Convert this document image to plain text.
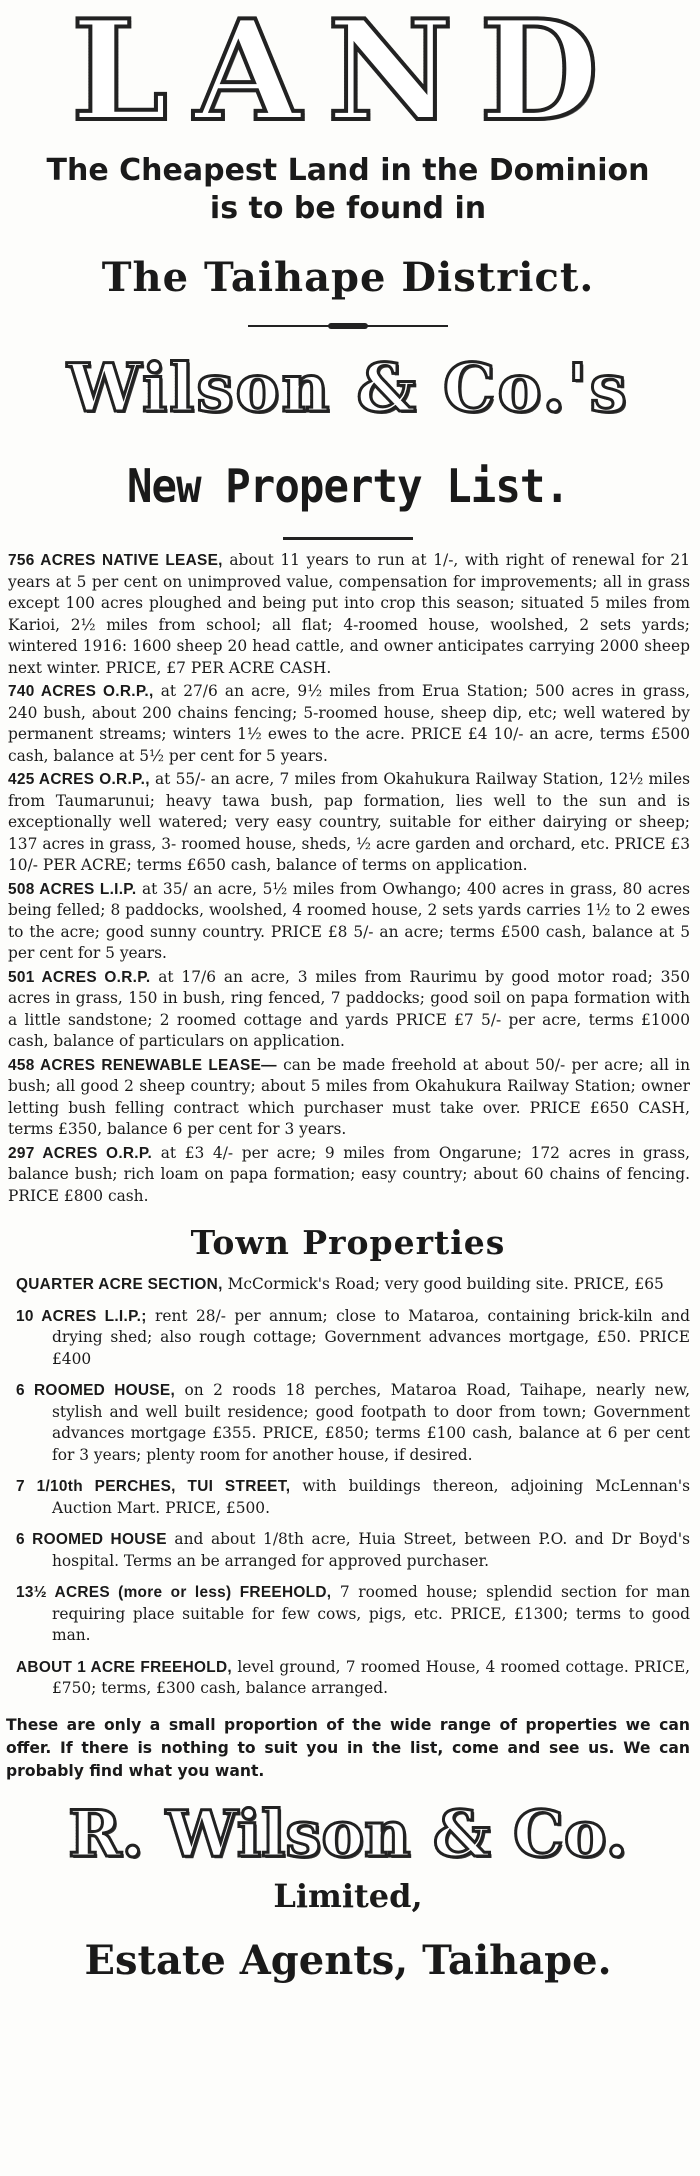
LAND
The Cheapest Land in the Dominion
is to be found in
The Taihape District.
Wilson & Co.'s
New Property List.

756 ACRES NATIVE LEASE, about 11 years to run at 1/-, with right of renewal for 21 years at 5 per cent on unimproved value, compensation for improvements; all in grass except 100 acres ploughed and being put into crop this season; situated 5 miles from Karioi, 2½ miles from school; all flat; 4-roomed house, woolshed, 2 sets yards; wintered 1916: 1600 sheep 20 head cattle, and owner anticipates carrying 2000 sheep next winter. PRICE, £7 PER ACRE CASH.

740 ACRES O.R.P., at 27/6 an acre, 9½ miles from Erua Station; 500 acres in grass, 240 bush, about 200 chains fencing; 5-roomed house, sheep dip, etc; well watered by permanent streams; winters 1½ ewes to the acre. PRICE £4 10/- an acre, terms £500 cash, balance at 5½ per cent for 5 years.

425 ACRES O.R.P., at 55/- an acre, 7 miles from Okahukura Railway Station, 12½ miles from Taumarunui; heavy tawa bush, pap formation, lies well to the sun and is exceptionally well watered; very easy country, suitable for either dairying or sheep; 137 acres in grass, 3- roomed house, sheds, ½ acre garden and orchard, etc. PRICE £3 10/- PER ACRE; terms £650 cash, balance of terms on application.

508 ACRES L.I.P. at 35/ an acre, 5½ miles from Owhango; 400 acres in grass, 80 acres being felled; 8 paddocks, woolshed, 4 roomed house, 2 sets yards carries 1½ to 2 ewes to the acre; good sunny country. PRICE £8 5/- an acre; terms £500 cash, balance at 5 per cent for 5 years.

501 ACRES O.R.P. at 17/6 an acre, 3 miles from Raurimu by good motor road; 350 acres in grass, 150 in bush, ring fenced, 7 paddocks; good soil on papa formation with a little sandstone; 2 roomed cottage and yards PRICE £7 5/- per acre, terms £1000 cash, balance of particulars on application.

458 ACRES RENEWABLE LEASE— can be made freehold at about 50/- per acre; all in bush; all good 2 sheep country; about 5 miles from Okahukura Railway Station; owner letting bush felling contract which purchaser must take over. PRICE £650 CASH, terms £350, balance 6 per cent for 3 years.

297 ACRES O.R.P. at £3 4/- per acre; 9 miles from Ongarune; 172 acres in grass, balance bush; rich loam on papa formation; easy country; about 60 chains of fencing. PRICE £800 cash.

Town Properties

QUARTER ACRE SECTION, McCormick's Road; very good building site. PRICE, £65

10 ACRES L.I.P.; rent 28/- per annum; close to Mataroa, containing brick-kiln and drying shed; also rough cottage; Government advances mortgage, £50. PRICE £400

6 ROOMED HOUSE, on 2 roods 18 perches, Mataroa Road, Taihape, nearly new, stylish and well built residence; good footpath to door from town; Government advances mortgage £355. PRICE, £850; terms £100 cash, balance at 6 per cent for 3 years; plenty room for another house, if desired.

7 1/10th PERCHES, TUI STREET, with buildings thereon, adjoining McLennan's Auction Mart. PRICE, £500.

6 ROOMED HOUSE and about 1/8th acre, Huia Street, between P.O. and Dr Boyd's hospital. Terms an be arranged for approved purchaser.

13½ ACRES (more or less) FREEHOLD, 7 roomed house; splendid section for man requiring place suitable for few cows, pigs, etc. PRICE, £1300; terms to good man.

ABOUT 1 ACRE FREEHOLD, level ground, 7 roomed House, 4 roomed cottage. PRICE, £750; terms, £300 cash, balance arranged.

These are only a small proportion of the wide range of properties we can offer. If there is nothing to suit you in the list, come and see us. We can probably find what you want.
R. Wilson & Co.
Limited,
Estate Agents, Taihape.
